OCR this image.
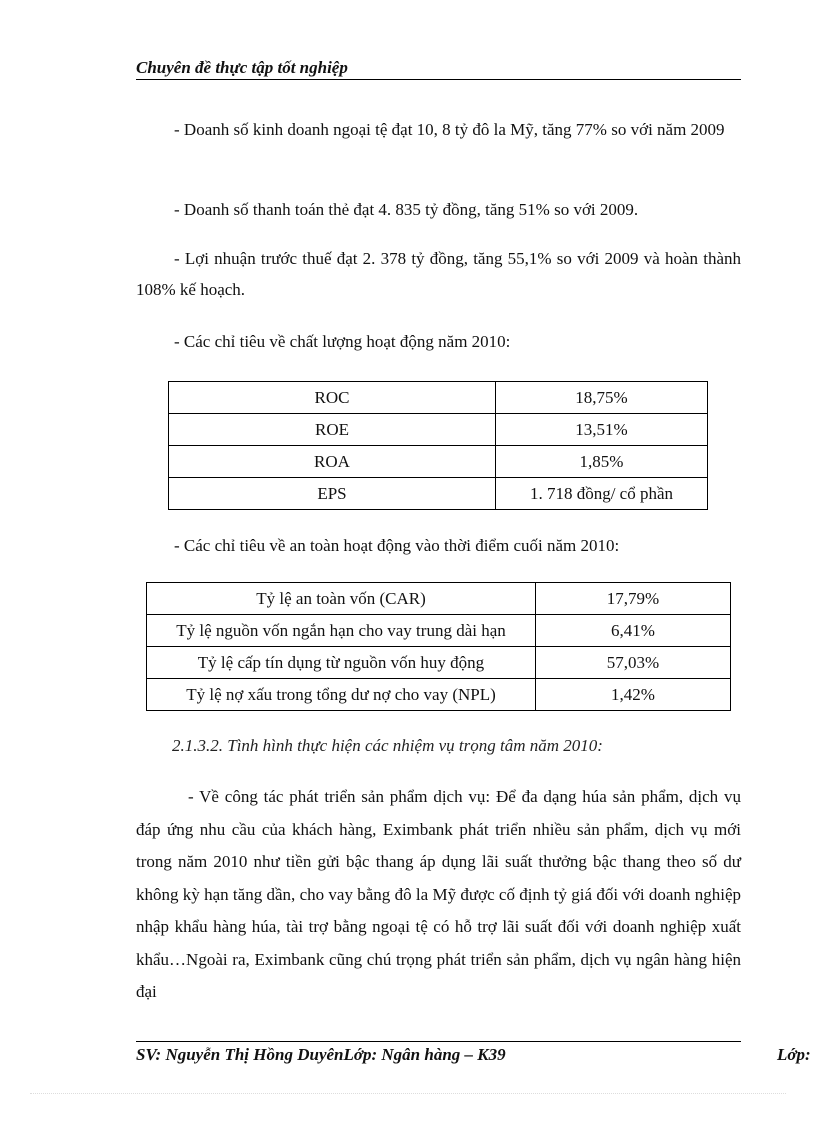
Chuyên đề thực tập tốt nghiệp

- Doanh số kinh doanh ngoại tệ đạt 10, 8 tỷ đô la Mỹ, tăng 77% so với năm 2009

- Doanh số thanh toán thẻ đạt 4. 835 tỷ đồng, tăng 51% so với 2009.

- Lợi nhuận trước thuế đạt 2. 378 tỷ đồng, tăng 55,1% so với 2009 và hoàn thành 108% kế hoạch.

- Các chỉ tiêu về chất lượng hoạt động năm 2010:

ROC	18,75%
ROE	13,51%
ROA	1,85%
EPS	1. 718 đồng/ cổ phần

- Các chỉ tiêu về an toàn hoạt động vào thời điểm cuối năm 2010:

Tỷ lệ an toàn vốn (CAR)	17,79%
Tỷ lệ nguồn vốn ngắn hạn cho vay trung dài hạn	6,41%
Tỷ lệ cấp tín dụng từ nguồn vốn huy động	57,03%
Tỷ lệ nợ xấu trong tổng dư nợ cho vay (NPL)	1,42%
2.1.3.2. Tình hình thực hiện các nhiệm vụ trọng tâm năm 2010:

- Về công tác phát triển sản phẩm dịch vụ: Để đa dạng húa sản phẩm, dịch vụ đáp ứng nhu cầu của khách hàng, Eximbank phát triển nhiều sản phẩm, dịch vụ mới trong năm 2010 như tiền gửi bậc thang áp dụng lãi suất thưởng bậc thang theo số dư không kỳ hạn tăng dần, cho vay bằng đô la Mỹ được cố định tỷ giá đối với doanh nghiệp nhập khẩu hàng húa, tài trợ bằng ngoại tệ có hỗ trợ lãi suất đối với doanh nghiệp xuất khẩu…Ngoài ra, Eximbank cũng chú trọng phát triển sản phẩm, dịch vụ ngân hàng hiện đại

SV: Nguyễn Thị Hồng DuyênLớp: Ngân hàng – K39	Lớp:
